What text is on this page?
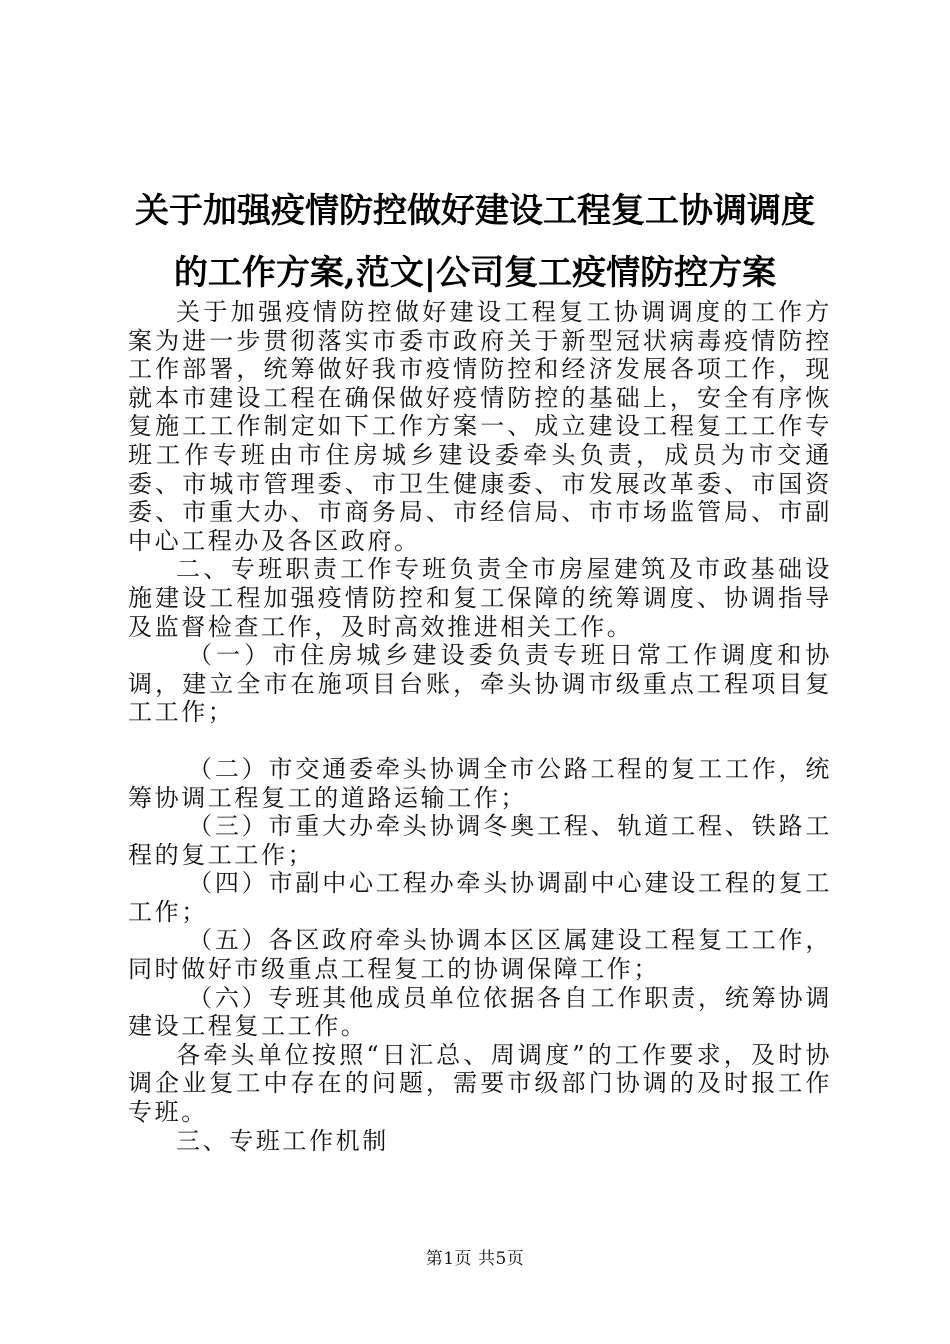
关于加强疫情防控做好建设工程复工协调调度
的工作方案,范文|公司复工疫情防控方案

关于加强疫情防控做好建设工程复工协调调度的工作方案为进一步贯彻落实市委市政府关于新型冠状病毒疫情防控工作部署，统筹做好我市疫情防控和经济发展各项工作，现就本市建设工程在确保做好疫情防控的基础上，安全有序恢复施工工作制定如下工作方案一、成立建设工程复工工作专班工作专班由市住房城乡建设委牵头负责，成员为市交通委、市城市管理委、市卫生健康委、市发展改革委、市国资委、市重大办、市商务局、市经信局、市市场监管局、市副中心工程办及各区政府。

二、专班职责工作专班负责全市房屋建筑及市政基础设施建设工程加强疫情防控和复工保障的统筹调度、协调指导及监督检查工作，及时高效推进相关工作。

（一）市住房城乡建设委负责专班日常工作调度和协调，建立全市在施项目台账，牵头协调市级重点工程项目复工工作；

（二）市交通委牵头协调全市公路工程的复工工作，统筹协调工程复工的道路运输工作；

（三）市重大办牵头协调冬奥工程、轨道工程、铁路工程的复工工作；

（四）市副中心工程办牵头协调副中心建设工程的复工工作；

（五）各区政府牵头协调本区区属建设工程复工工作，同时做好市级重点工程复工的协调保障工作；

（六）专班其他成员单位依据各自工作职责，统筹协调建设工程复工工作。

各牵头单位按照“日汇总、周调度”的工作要求，及时协调企业复工中存在的问题，需要市级部门协调的及时报工作专班。

三、专班工作机制

第1页 共5页
